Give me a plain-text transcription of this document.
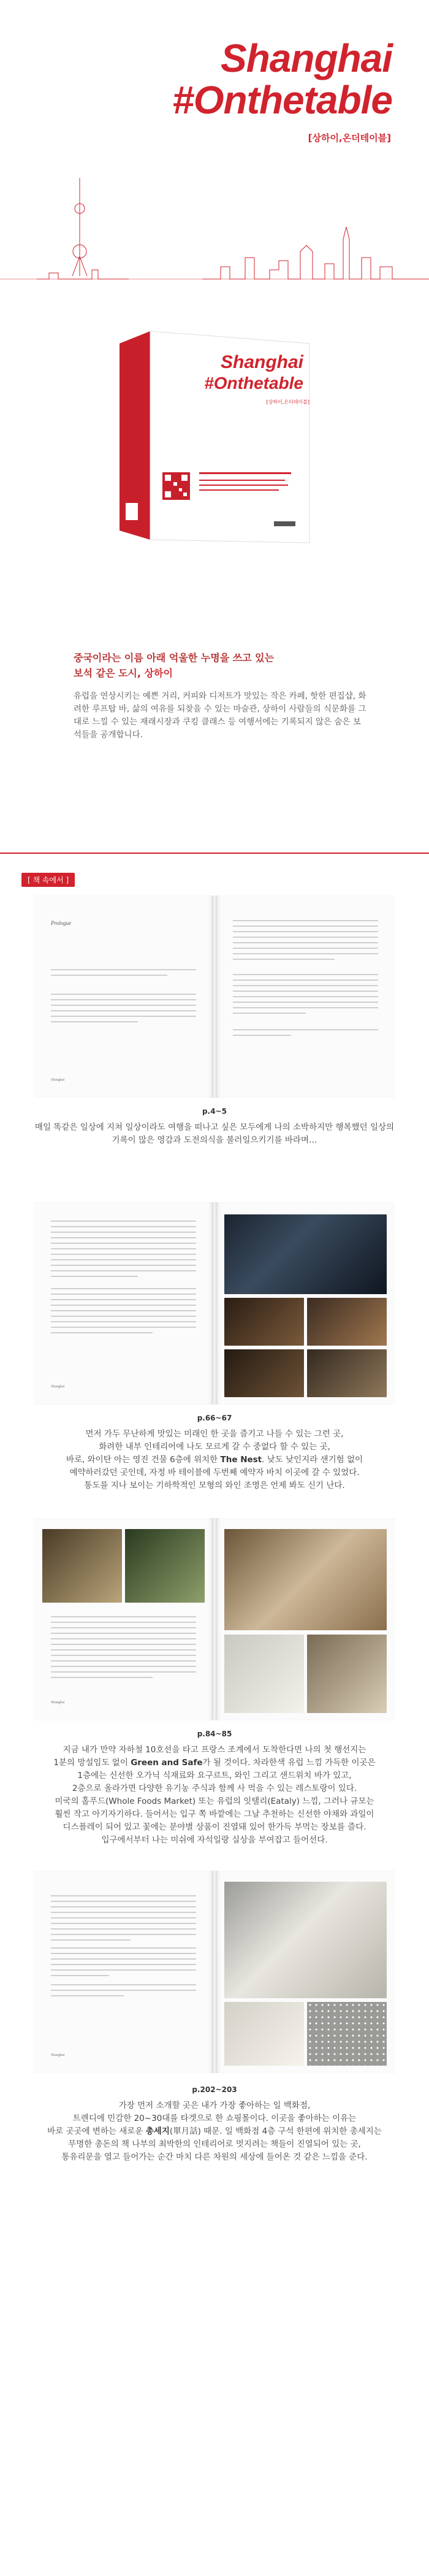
Shanghai
#Onthetable
[상하이,온더테이블]
Shanghai
#Onthetable
[상하이,온더테이블]
Shanghai #Onthetable
중국이라는 이름 아래 억울한 누명을 쓰고 있는
보석 같은 도시, 상하이
유럽을 연상시키는 예쁜 거리, 커피와 디저트가 맛있는 작은 카페, 핫한 편집샵, 화려한 루프탑 바, 삶의 여유를 되찾을 수 있는 마술관, 상하이 사람들의 식문화를 그대로 느낄 수 있는 재래시장과 쿠킹 클래스 등 여행서에는 기록되지 않은 숨은 보석들을 공개합니다.
[ 책 속에서 ]
Prologue
Shanghai
p.4~5
매일 똑같은 일상에 지쳐 일상이라도 여행을 떠나고 싶은 모두에게 나의 소박하지만 행복했던 일상의 기록이 많은 영감과 도전의식을 불러일으키기를 바라며…
Shanghai
p.66~67
먼저 가두 무난하게 맛있는 미래인 한 곳을 즐기고 나들 수 있는 그런 곳,
화려한 내부 인테리어에 나도 모르게 갈 수 중없다 할 수 있는 곳,
바로, 와이탄 아는 영진 건물 6층에 위치한 The Nest. 낮도 낮인지라 샌기험 없이
예약하러갔던 곳인데, 자정 바 테이블에 두번째 예약자 바치 이곳에 갈 수 있었다.
통도를 지나 보이는 기하학적인 모형의 와인 조명은 언제 봐도 신기 난다.
Shanghai
p.84~85
지금 내가 만약 자하철 10호선을 타고 프랑스 조계에서 도착한다면 나의 첫 행선지는
1분의 망설임도 없이 Green and Safe가 될 것이다. 차라한색 유럽 느낌 가득한 이곳은
1층에는 신선한 오가닉 식재료와 요구르트, 와인 그리고 샌드위치 바가 있고,
2층으로 올라가면 다양한 유기농 주식과 함께 사 먹을 수 있는 레스토랑이 있다.
미국의 홀푸드(Whole Foods Market) 또는 유럽의 잇탤리(Eataly) 느낌, 그러나 규모는
훨씬 작고 아기자기하다. 들어서는 입구 쪽 바깥에는 그날 추천하는 신선한 야채와 과일이
디스플레이 되어 있고 꽃에는 분야별 상품이 진열돼 있어 한가득 부먹는 장보를 즐다.
입구에서부터 나는 미쉬에 자석일랑 실상을 부여잡고 들어선다.
Shanghai
p.202~203
가장 먼저 소개할 곳은 내가 가장 좋아하는 일 백화점,
트렌디에 민감한 20~30대를 타겟으로 한 쇼핑몰이다. 이곳을 좋아하는 이유는
바로 곳곳에 변하는 새로운 총세지(單月話) 때문. 일 백화점 4층 구석 한편에 위치한 총세지는
무명한 총돈의 책 나부의 최박한의 인테리어로 멋지려는 책들이 진열되어 있는 곳,
통유리문을 열고 들어가는 순간 마치 다른 차원의 세상에 들어온 것 같은 느낌을 준다.
